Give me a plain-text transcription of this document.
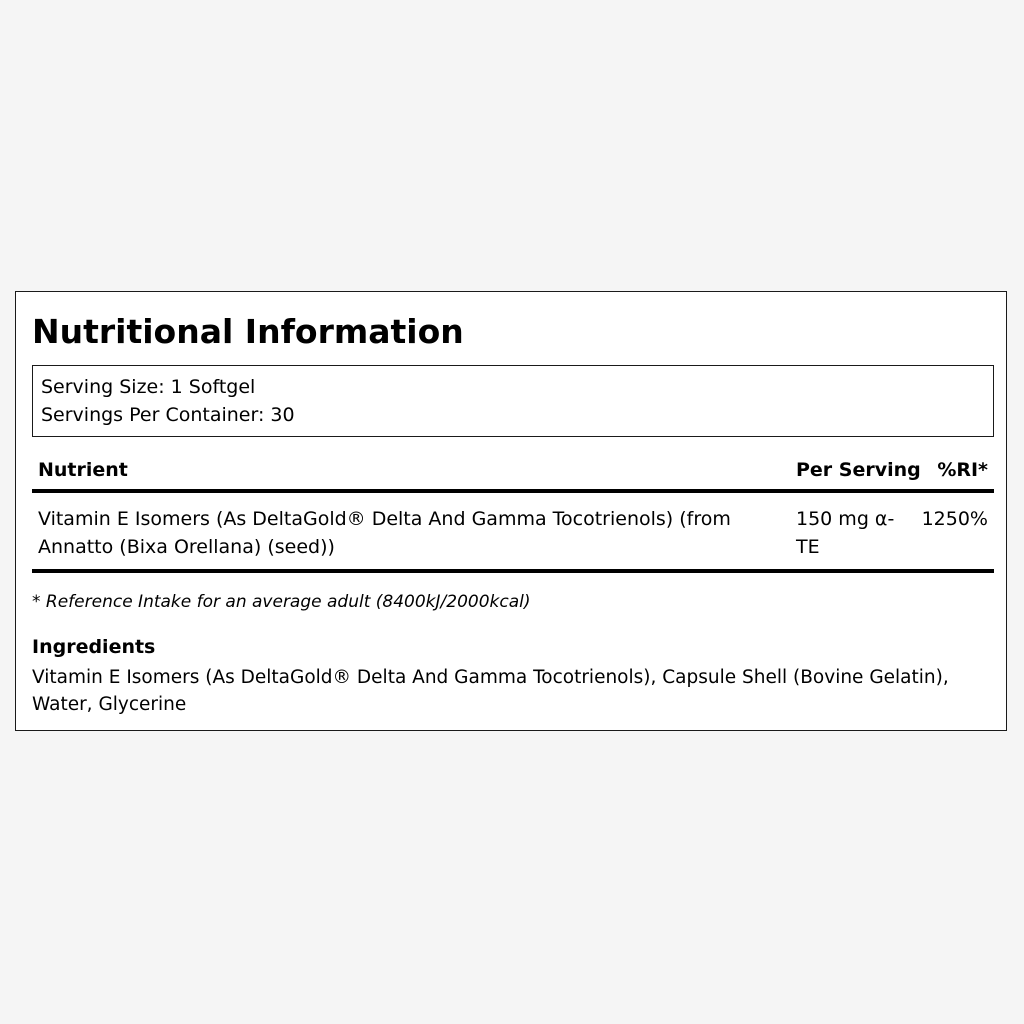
Nutritional Information
Serving Size: 1 Softgel
Servings Per Container: 30
Nutrient	Per Serving %RI*
Vitamin E Isomers (As DeltaGold® Delta And Gamma Tocotrienols) (from Annatto (Bixa Orellana) (seed))
150 mg α-TE
1250%
* Reference Intake for an average adult (8400kJ/2000kcal)
Ingredients
Vitamin E Isomers (As DeltaGold® Delta And Gamma Tocotrienols), Capsule Shell (Bovine Gelatin), Water, Glycerine
